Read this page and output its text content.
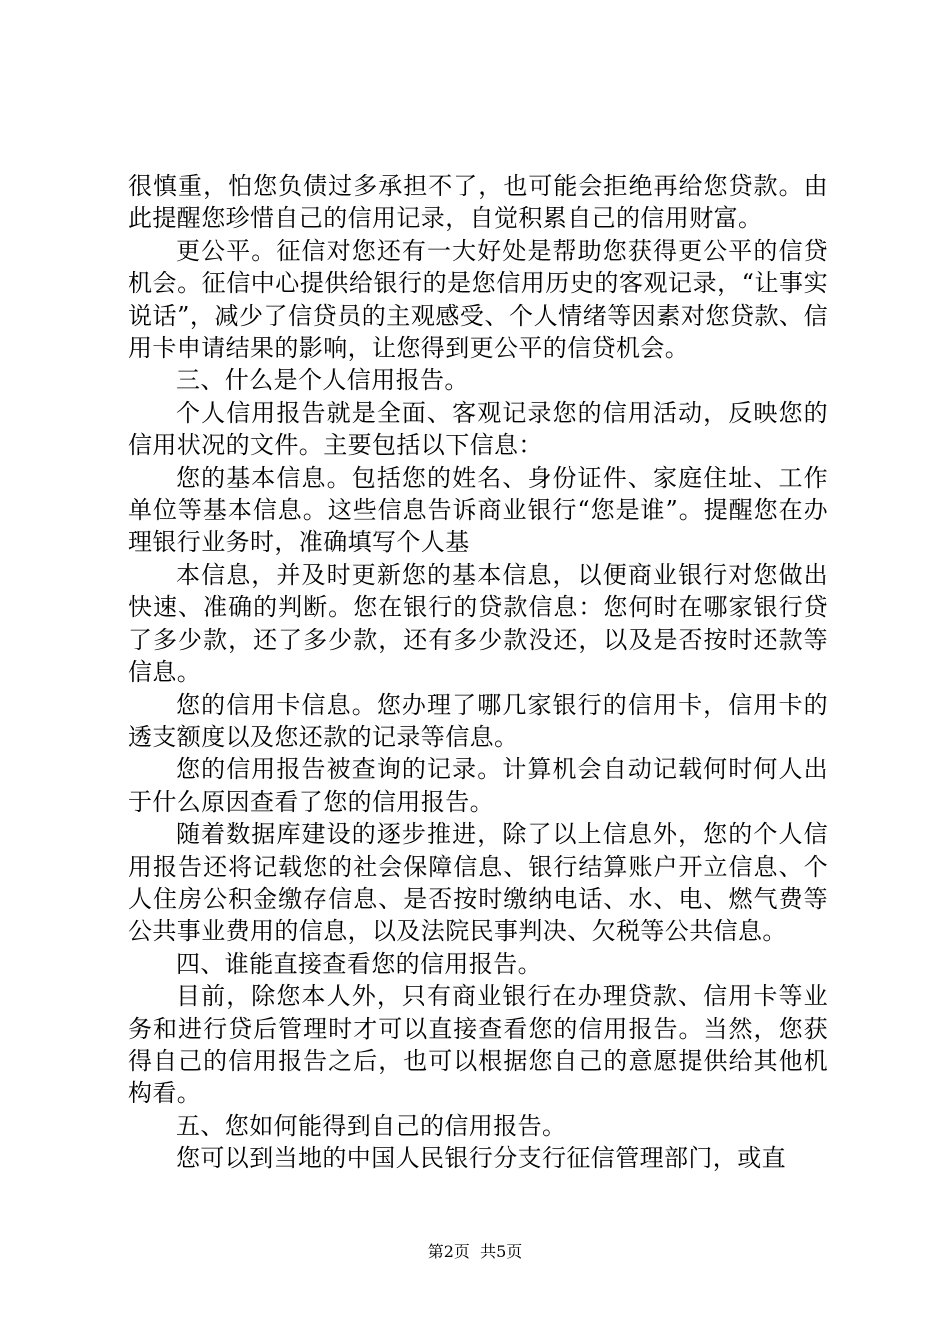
很慎重，怕您负债过多承担不了，也可能会拒绝再给您贷款。由此提醒您珍惜自己的信用记录，自觉积累自己的信用财富。

更公平。征信对您还有一大好处是帮助您获得更公平的信贷机会。征信中心提供给银行的是您信用历史的客观记录，“让事实说话”，减少了信贷员的主观感受、个人情绪等因素对您贷款、信用卡申请结果的影响，让您得到更公平的信贷机会。

三、什么是个人信用报告。

个人信用报告就是全面、客观记录您的信用活动，反映您的信用状况的文件。主要包括以下信息：

您的基本信息。包括您的姓名、身份证件、家庭住址、工作单位等基本信息。这些信息告诉商业银行“您是谁”。提醒您在办理银行业务时，准确填写个人基

本信息，并及时更新您的基本信息，以便商业银行对您做出快速、准确的判断。您在银行的贷款信息：您何时在哪家银行贷了多少款，还了多少款，还有多少款没还，以及是否按时还款等信息。

您的信用卡信息。您办理了哪几家银行的信用卡，信用卡的透支额度以及您还款的记录等信息。

您的信用报告被查询的记录。计算机会自动记载何时何人出于什么原因查看了您的信用报告。

随着数据库建设的逐步推进，除了以上信息外，您的个人信用报告还将记载您的社会保障信息、银行结算账户开立信息、个人住房公积金缴存信息、是否按时缴纳电话、水、电、燃气费等公共事业费用的信息，以及法院民事判决、欠税等公共信息。

四、谁能直接查看您的信用报告。

目前，除您本人外，只有商业银行在办理贷款、信用卡等业务和进行贷后管理时才可以直接查看您的信用报告。当然，您获得自己的信用报告之后，也可以根据您自己的意愿提供给其他机构看。

五、您如何能得到自己的信用报告。

您可以到当地的中国人民银行分支行征信管理部门，或直

第2页  共5页
